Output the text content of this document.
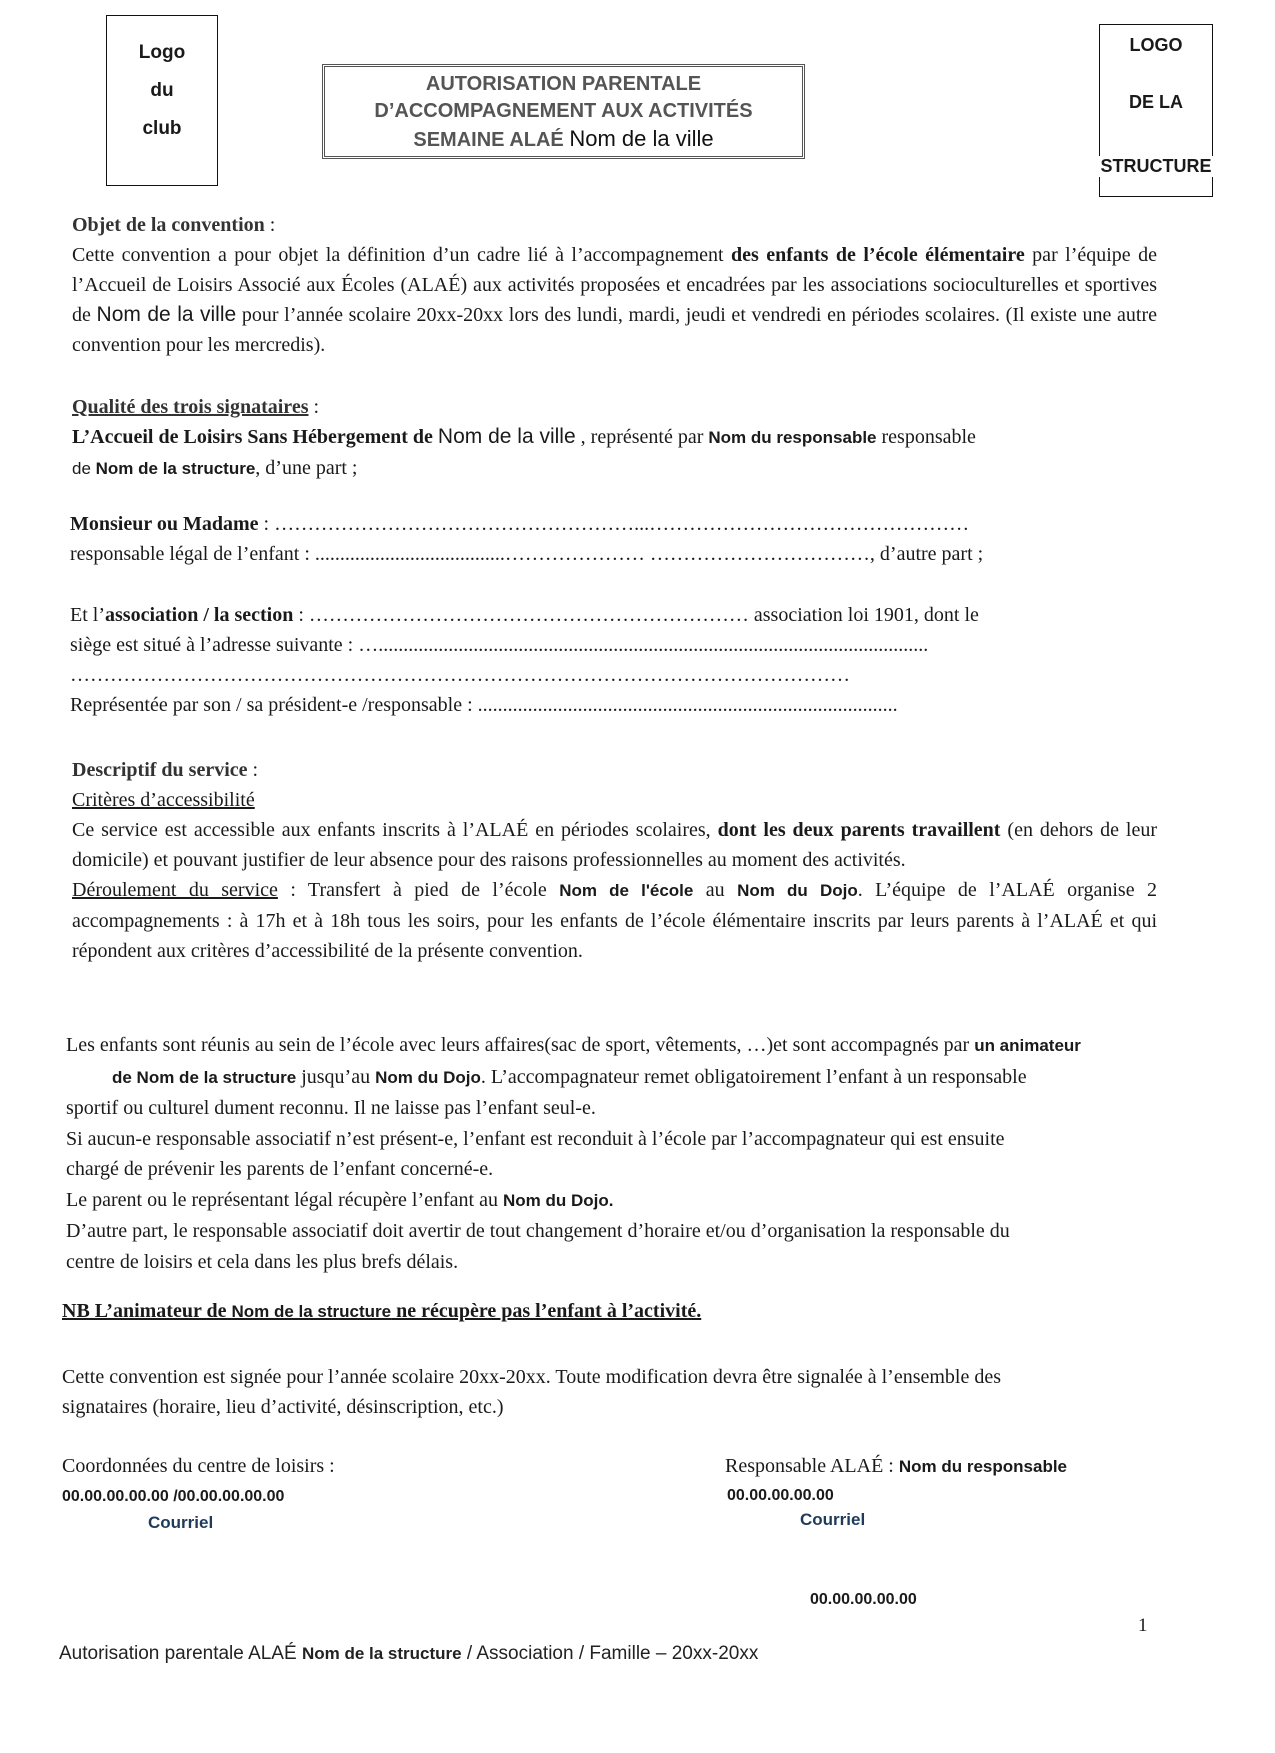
Logo
du
club
LOGO
DE LA
STRUCTURE
AUTORISATION PARENTALE
D’ACCOMPAGNEMENT AUX ACTIVITÉS
SEMAINE ALAÉ Nom de la ville
Objet de la convention :
Cette convention a pour objet la définition d’un cadre lié à l’accompagnement des enfants de l’école élémentaire par l’équipe de l’Accueil de Loisirs Associé aux Écoles (ALAÉ) aux activités proposées et encadrées par les associations socioculturelles et sportives de Nom de la ville pour l’année scolaire 20xx-20xx lors des lundi, mardi, jeudi et vendredi en périodes scolaires. (Il existe une autre convention pour les mercredis).
Qualité des trois signataires :
L’Accueil de Loisirs Sans Hébergement de Nom de la ville , représenté par Nom du responsable responsable
de Nom de la structure, d’une part ;
Monsieur ou Madame : ………………………………………………...…………………………………………
responsable légal de l’enfant : ......................................………………… ……………………………, d’autre part ;
Et l’association / la section : ………………………………………………………… association loi 1901, dont le
siège est situé à l’adresse suivante : …..............................................................................................................
………………………………………………………………………………………………………
Représentée par son / sa président-e /responsable : ....................................................................................
Descriptif du service :
Critères d’accessibilité
Ce service est accessible aux enfants inscrits à l’ALAÉ en périodes scolaires, dont les deux parents travaillent (en dehors de leur domicile) et pouvant justifier de leur absence pour des raisons professionnelles au moment des activités.
Déroulement du service : Transfert à pied de l’école Nom de l'école au Nom du Dojo. L’équipe de l’ALAÉ organise 2 accompagnements : à 17h et à 18h tous les soirs, pour les enfants de l’école élémentaire inscrits par leurs parents à l’ALAÉ et qui répondent aux critères d’accessibilité de la présente convention.
Les enfants sont réunis au sein de l’école avec leurs affaires(sac de sport, vêtements, …)et sont accompagnés par un animateur
de Nom de la structure jusqu’au Nom du Dojo. L’accompagnateur remet obligatoirement l’enfant à un responsable
sportif ou culturel dument reconnu. Il ne laisse pas l’enfant seul-e.
Si aucun-e responsable associatif n’est présent-e, l’enfant est reconduit à l’école par l’accompagnateur qui est ensuite
chargé de prévenir les parents de l’enfant concerné-e.
Le parent ou le représentant légal récupère l’enfant au Nom du Dojo.
D’autre part, le responsable associatif doit avertir de tout changement d’horaire et/ou d’organisation la responsable du
centre de loisirs et cela dans les plus brefs délais.
NB L’animateur de Nom de la structure ne récupère pas l’enfant à l’activité.
Cette convention est signée pour l’année scolaire 20xx-20xx. Toute modification devra être signalée à l’ensemble des
signataires (horaire, lieu d’activité, désinscription, etc.)
Coordonnées du centre de loisirs :
00.00.00.00.00 /00.00.00.00.00
Courriel
Responsable ALAÉ : Nom du responsable
00.00.00.00.00
Courriel
00.00.00.00.00
1
Autorisation parentale ALAÉ Nom de la structure / Association / Famille – 20xx-20xx
